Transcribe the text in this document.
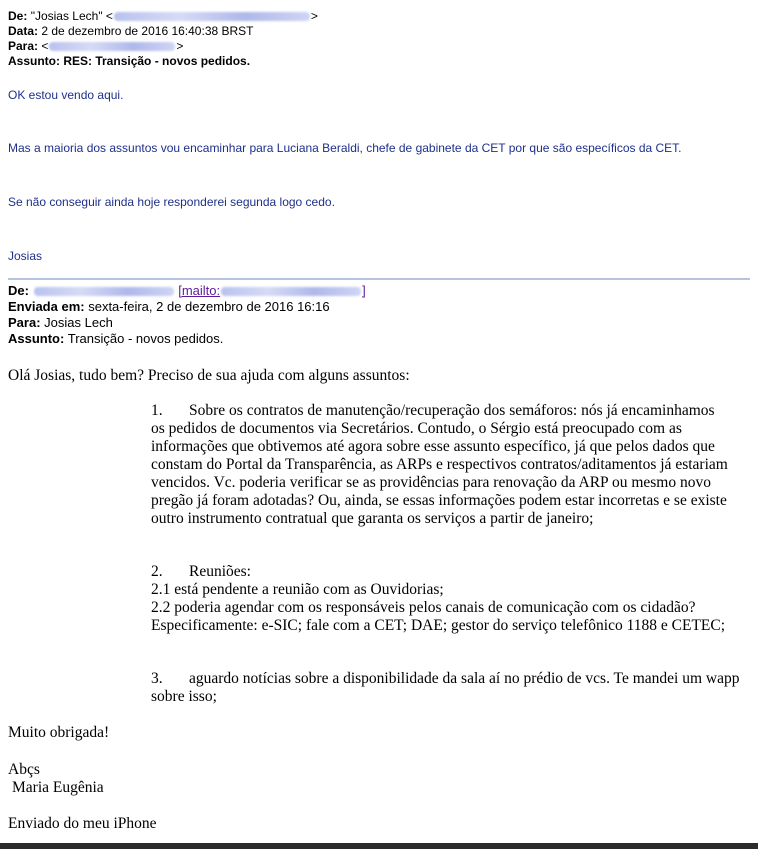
De: "Josias Lech" <	>
Data: 2 de dezembro de 2016 16:40:38 BRST
Para: <	>
Assunto: RES: Transição - novos pedidos.
OK estou vendo aqui.
Mas a maioria dos assuntos vou encaminhar para Luciana Beraldi, chefe de gabinete da CET por que são específicos da CET.
Se não conseguir ainda hoje responderei segunda logo cedo.
Josias
De:	[mailto:	]
Enviada em: sexta-feira, 2 de dezembro de 2016 16:16
Para: Josias Lech
Assunto: Transição - novos pedidos.
Olá Josias, tudo bem? Preciso de sua ajuda com alguns assuntos:
1. Sobre os contratos de manutenção/recuperação dos semáforos: nós já encaminhamos
os pedidos de documentos via Secretários. Contudo, o Sérgio está preocupado com as informações que obtivemos até agora sobre esse assunto específico, já que pelos dados que constam do Portal da Transparência, as ARPs e respectivos contratos/aditamentos já estariam vencidos. Vc. poderia verificar se as providências para renovação da ARP ou mesmo novo pregão já foram adotadas? Ou, ainda, se essas informações podem estar incorretas e se existe outro instrumento contratual que garanta os serviços a partir de janeiro;
2. Reuniões:
2.1 está pendente a reunião com as Ouvidorias;
2.2 poderia agendar com os responsáveis pelos canais de comunicação com os cidadão? Especificamente: e-SIC; fale com a CET; DAE; gestor do serviço telefônico 1188 e CETEC;
3. aguardo notícias sobre a disponibilidade da sala aí no prédio de vcs. Te mandei um wapp sobre isso;
Muito obrigada!
Abçs
Maria Eugênia
Enviado do meu iPhone
